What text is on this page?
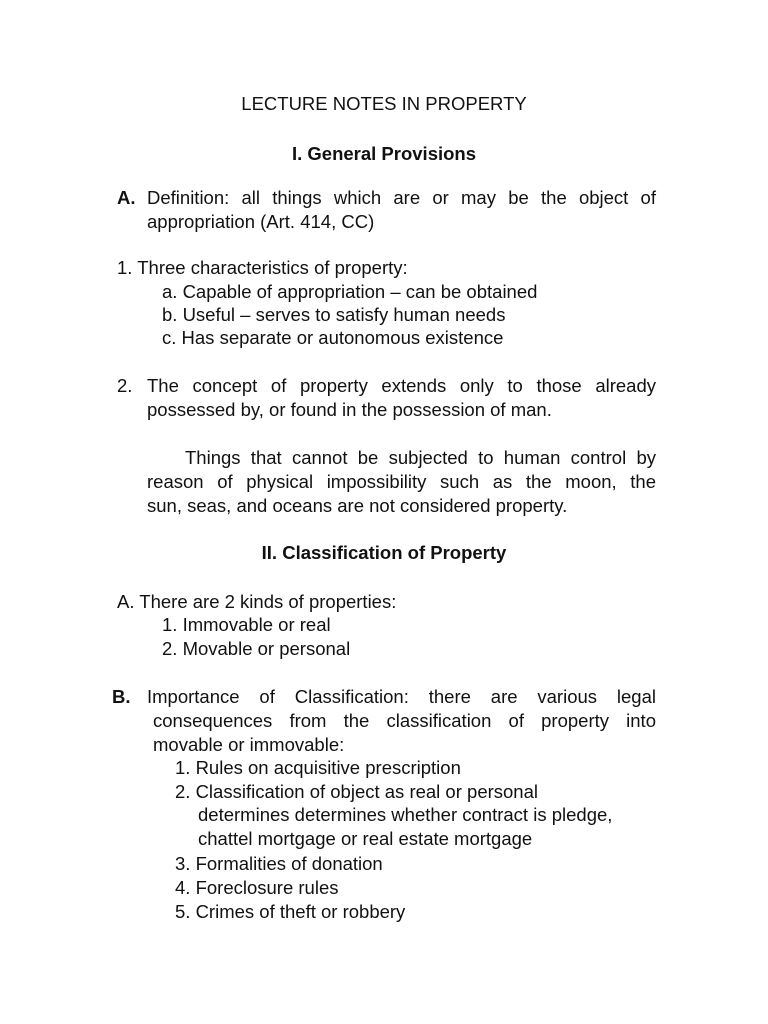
LECTURE NOTES IN PROPERTY
I. General Provisions
A. Definition: all things which are or may be the object of
appropriation (Art. 414, CC)
1. Three characteristics of property:
a. Capable of appropriation – can be obtained
b. Useful – serves to satisfy human needs
c. Has separate or autonomous existence
2. The concept of property extends only to those already
possessed by, or found in the possession of man.
Things that cannot be subjected to human control by
reason of physical impossibility such as the moon, the
sun, seas, and oceans are not considered property.
II. Classification of Property
A. There are 2 kinds of properties:
1. Immovable or real
2. Movable or personal
B. Importance of Classification: there are various legal
consequences from the classification of property into
movable or immovable:
1. Rules on acquisitive prescription
2. Classification of object as real or personal
determines determines whether contract is pledge,
chattel mortgage or real estate mortgage
3. Formalities of donation
4. Foreclosure rules
5. Crimes of theft or robbery
